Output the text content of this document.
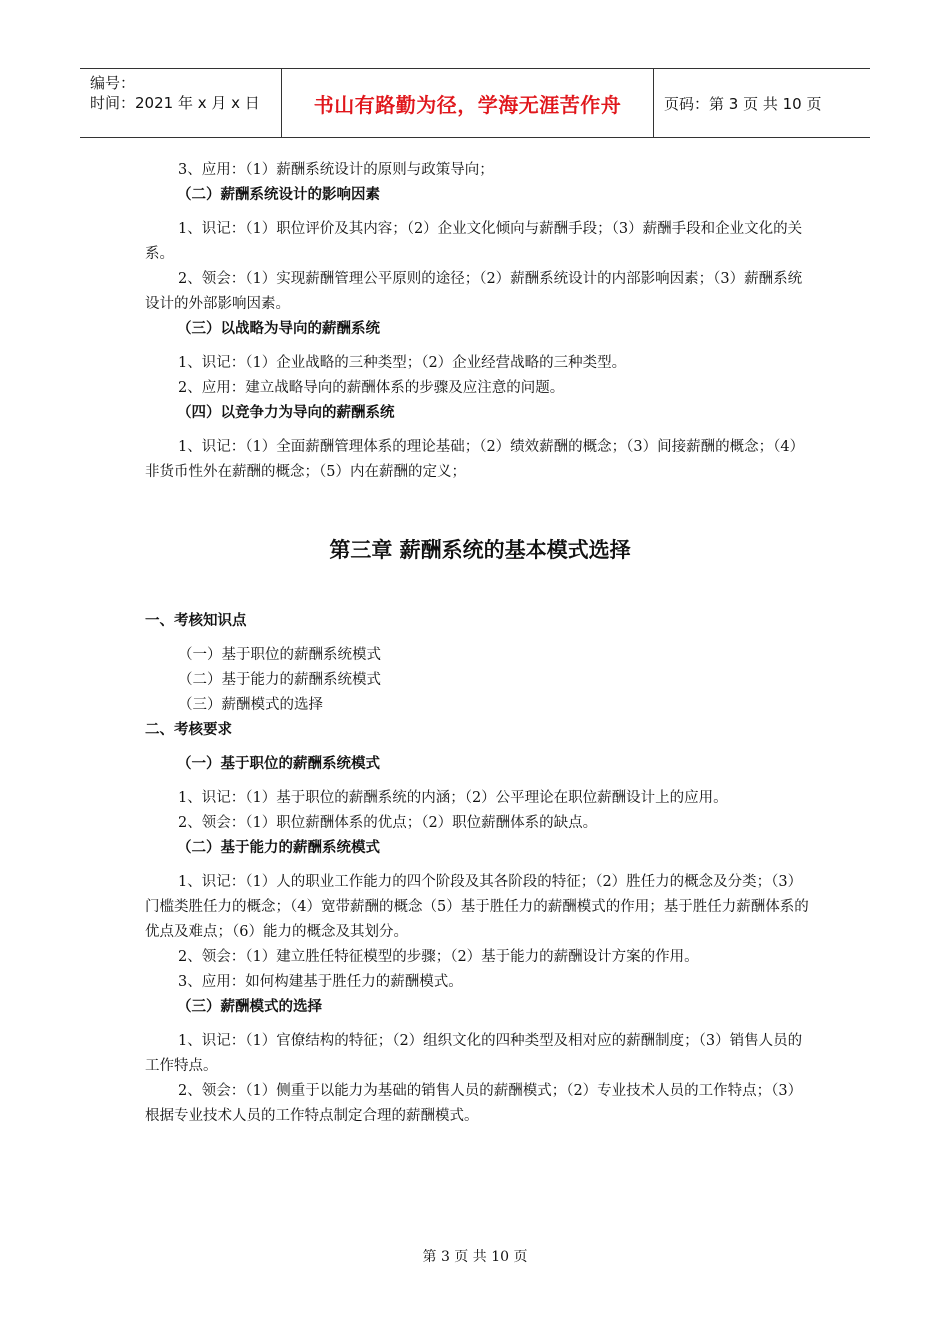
编号：
时间：2021 年 x 月 x 日	书山有路勤为径，学海无涯苦作舟	页码：第 3 页 共 10 页

3、应用：（1）薪酬系统设计的原则与政策导向；

（二）薪酬系统设计的影响因素

1、识记：（1）职位评价及其内容；（2）企业文化倾向与薪酬手段；（3）薪酬手段和企业文化的关系。

2、领会：（1）实现薪酬管理公平原则的途径；（2）薪酬系统设计的内部影响因素；（3）薪酬系统设计的外部影响因素。

（三）以战略为导向的薪酬系统

1、识记：（1）企业战略的三种类型；（2）企业经营战略的三种类型。

2、应用：建立战略导向的薪酬体系的步骤及应注意的问题。

（四）以竞争力为导向的薪酬系统

1、识记：（1）全面薪酬管理体系的理论基础；（2）绩效薪酬的概念；（3）间接薪酬的概念；（4）非货币性外在薪酬的概念；（5）内在薪酬的定义；

第三章 薪酬系统的基本模式选择

一、考核知识点

（一）基于职位的薪酬系统模式

（二）基于能力的薪酬系统模式

（三）薪酬模式的选择

二、考核要求

（一）基于职位的薪酬系统模式

1、识记：（1）基于职位的薪酬系统的内涵；（2）公平理论在职位薪酬设计上的应用。

2、领会：（1）职位薪酬体系的优点；（2）职位薪酬体系的缺点。

（二）基于能力的薪酬系统模式

1、识记：（1）人的职业工作能力的四个阶段及其各阶段的特征；（2）胜任力的概念及分类；（3）门槛类胜任力的概念；（4）宽带薪酬的概念（5）基于胜任力的薪酬模式的作用；基于胜任力薪酬体系的优点及难点；（6）能力的概念及其划分。

2、领会：（1）建立胜任特征模型的步骤；（2）基于能力的薪酬设计方案的作用。

3、应用：如何构建基于胜任力的薪酬模式。

（三）薪酬模式的选择

1、识记：（1）官僚结构的特征；（2）组织文化的四种类型及相对应的薪酬制度；（3）销售人员的工作特点。

2、领会：（1）侧重于以能力为基础的销售人员的薪酬模式；（2）专业技术人员的工作特点；（3）根据专业技术人员的工作特点制定合理的薪酬模式。

第 3 页 共 10 页
